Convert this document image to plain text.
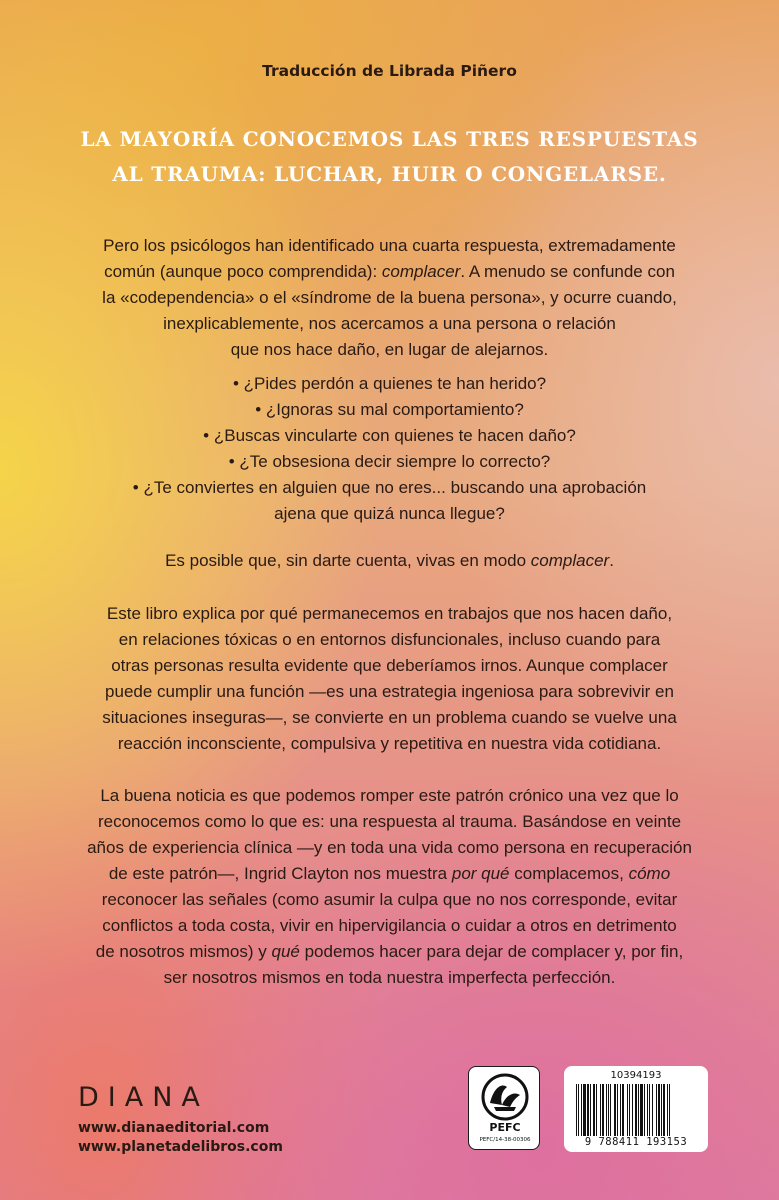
Traducción de Librada Piñero
LA MAYORÍA CONOCEMOS LAS TRES RESPUESTAS
AL TRAUMA: LUCHAR, HUIR O CONGELARSE.
Pero los psicólogos han identificado una cuarta respuesta, extremadamente
común (aunque poco comprendida): complacer. A menudo se confunde con
la «codependencia» o el «síndrome de la buena persona», y ocurre cuando,
inexplicablemente, nos acercamos a una persona o relación
que nos hace daño, en lugar de alejarnos.
• ¿Pides perdón a quienes te han herido?
• ¿Ignoras su mal comportamiento?
• ¿Buscas vincularte con quienes te hacen daño?
• ¿Te obsesiona decir siempre lo correcto?
• ¿Te conviertes en alguien que no eres... buscando una aprobación
ajena que quizá nunca llegue?
Es posible que, sin darte cuenta, vivas en modo complacer.
Este libro explica por qué permanecemos en trabajos que nos hacen daño,
en relaciones tóxicas o en entornos disfuncionales, incluso cuando para
otras personas resulta evidente que deberíamos irnos. Aunque complacer
puede cumplir una función —es una estrategia ingeniosa para sobrevivir en
situaciones inseguras—, se convierte en un problema cuando se vuelve una
reacción inconsciente, compulsiva y repetitiva en nuestra vida cotidiana.
La buena noticia es que podemos romper este patrón crónico una vez que lo
reconocemos como lo que es: una respuesta al trauma. Basándose en veinte
años de experiencia clínica —y en toda una vida como persona en recuperación
de este patrón—, Ingrid Clayton nos muestra por qué complacemos, cómo
reconocer las señales (como asumir la culpa que no nos corresponde, evitar
conflictos a toda costa, vivir en hipervigilancia o cuidar a otros en detrimento
de nosotros mismos) y qué podemos hacer para dejar de complacer y, por fin,
ser nosotros mismos en toda nuestra imperfecta perfección.
DIANA
www.dianaeditorial.com
www.planetadelibros.com
PEFC
PEFC/14-38-00306
10394193
9 788411 193153
